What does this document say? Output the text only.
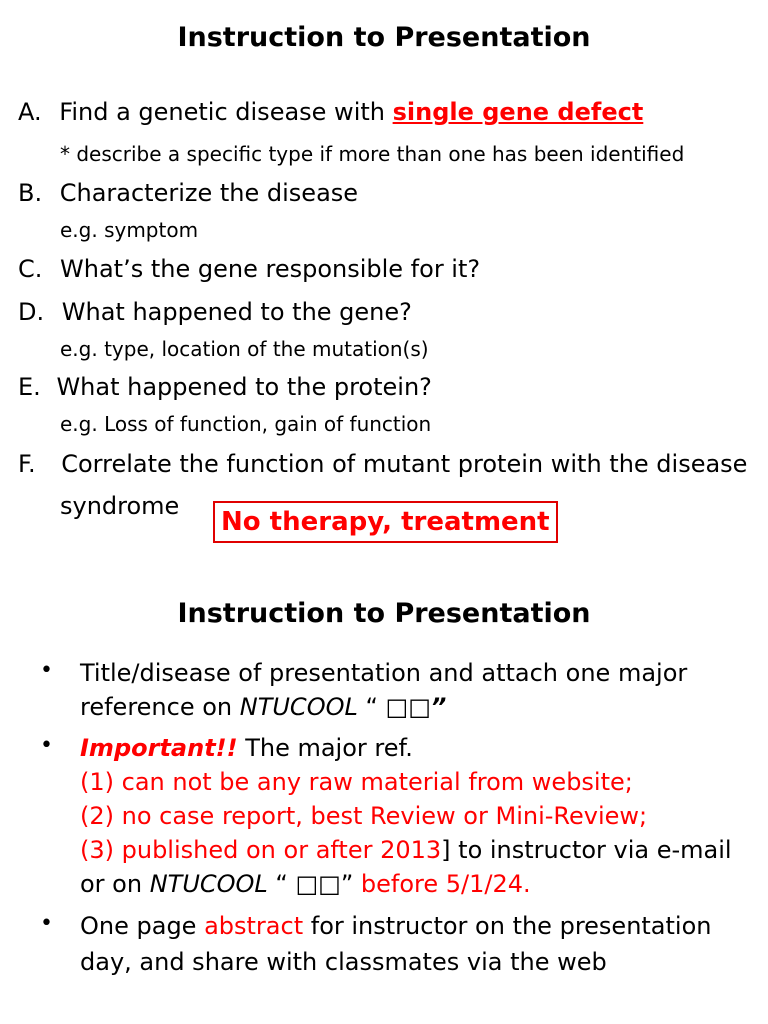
Instruction to Presentation
A. Find a genetic disease with single gene defect
* describe a specific type if more than one has been identified
B. Characterize the disease
e.g. symptom
C. What’s the gene responsible for it?
D. What happened to the gene?
e.g. type, location of the mutation(s)
E. What happened to the protein?
e.g. Loss of function, gain of function
F. Correlate the function of mutant protein with the disease
syndrome
No therapy, treatment
Instruction to Presentation
• Title/disease of presentation and attach one major
reference on NTUCOOL “ □□”
• Important!! The major ref.
(1) can not be any raw material from website;
(2) no case report, best Review or Mini-Review;
(3) published on or after 2013] to instructor via e-mail
or on NTUCOOL “ □□” before 5/1/24.
• One page abstract for instructor on the presentation
day, and share with classmates via the web
